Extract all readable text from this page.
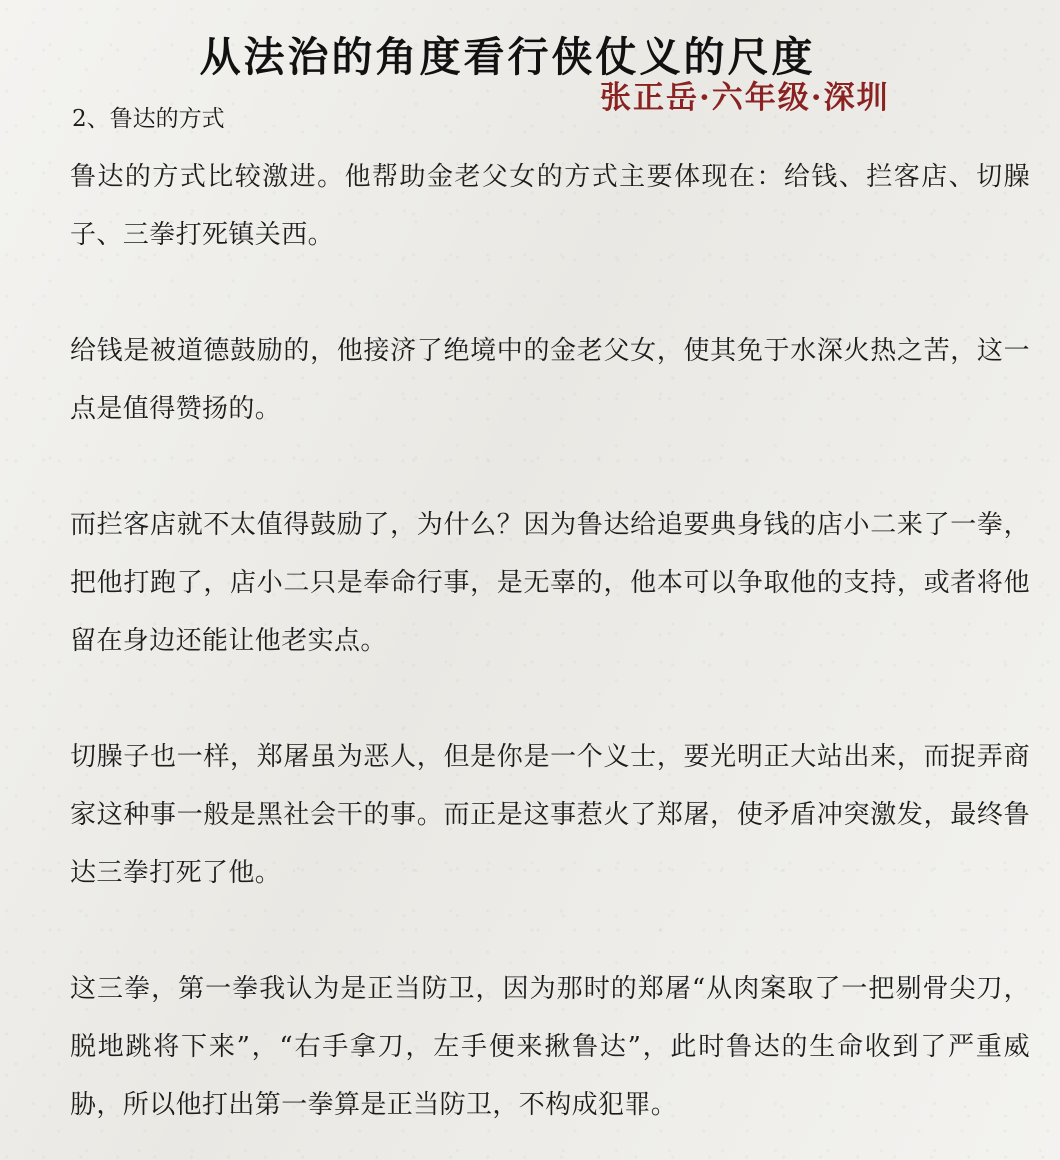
从法治的角度看行侠仗义的尺度
张正岳·六年级·深圳
2、鲁达的方式

鲁达的方式比较激进。他帮助金老父女的方式主要体现在：给钱、拦客店、切臊子、三拳打死镇关西。

给钱是被道德鼓励的，他接济了绝境中的金老父女，使其免于水深火热之苦，这一点是值得赞扬的。

而拦客店就不太值得鼓励了，为什么？因为鲁达给追要典身钱的店小二来了一拳，把他打跑了，店小二只是奉命行事，是无辜的，他本可以争取他的支持，或者将他留在身边还能让他老实点。

切臊子也一样，郑屠虽为恶人，但是你是一个义士，要光明正大站出来，而捉弄商家这种事一般是黑社会干的事。而正是这事惹火了郑屠，使矛盾冲突激发，最终鲁达三拳打死了他。

这三拳，第一拳我认为是正当防卫，因为那时的郑屠“从肉案取了一把剔骨尖刀，脱地跳将下来”，“右手拿刀，左手便来揪鲁达”，此时鲁达的生命收到了严重威胁，所以他打出第一拳算是正当防卫，不构成犯罪。
